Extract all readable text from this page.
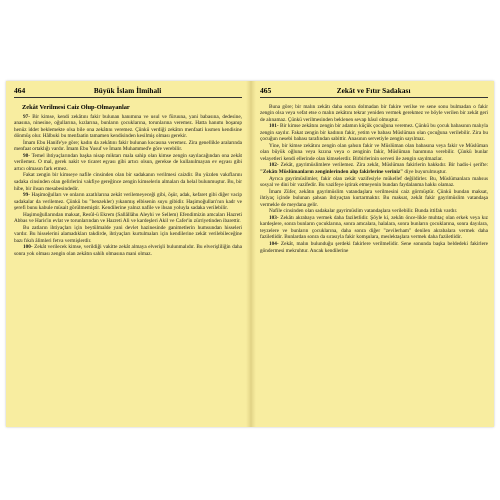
464	Büyük İslam İlmihali
Zekât Verilmesi Caiz Olup-Olmayanlar

97- Bir kimse, kendi zekâtını fakir bulunan hanımına ve usul ve füruuna, yani babasına, dedesine, anasına, ninesine, oğullarına, kızlarına, bunların çocuklarına, torunlarına veremez. Hatta hanımı boşanıp henüz iddet beklemekte olsa bile ona zekâtını veremez. Çünkü verdiği zekâtın menfaati kısmen kendisine dönmüş olur. Hâlbuki bu menfaatin tamamen kendisinden kesilmiş olması gerekir.

İmam Ebu Hanife'ye göre; kadın da zekâtını fakir bulunan kocasına veremez. Zira genellikle aralarında menfaat ortaklığı vardır. İmam Ebu Yusuf ve İmam Muhammed'e göre verebilir.

98- Temel ihtiyaçlarından başka nisap miktarı mala sahip olan kimse zengin sayılacağından ona zekât verilemez. O mal, gerek nakit ve ticaret eşyası gibi artıcı olsun, gerekse de kullanılmayan ev eşyası gibi artıcı olmasın fark etmez.

Fakat zengin bir kimseye nafile cinsinden olan bir sadakanın verilmesi caizdir. Bu yüzden vakıflarını sadaka cinsinden olan gelirlerini vakfiye gereğince zengin kimselerin almaları da helal bulunmuştur. Bu, bir hibe, bir ihsan mesabesindedir.

99- Haşimoğulları ve onların azatlılarına zekât verilemeyeceği gibi, öşür, adak, kefaret gibi diğer vacip sadakalar da verilemez. Çünkü bu "benzekler) yıkanmış elbisenin suyu gibidir. Haşimoğulları'nın kadr ve şerefi bunu kabule müsait görülmemiştir. Kendilerine yalnız nafile ve ihsan yoluyla sadaka verilebilir.

Haşimoğullarından maksat, Resûl-ü Ekrem (Sallâllâhu Aleyhi ve Sellem) Efendimizin amcaları Hazreti Abbas ve Haris'in evlat ve torunlarından ve Hazreti Ali ve kardeşleri Akil ve Cafer'in zürriyetinden ibarettir.

Bu zatların ihtiyaçları için beytülmalde yani devlet hazinesinde ganimetlerin humsundan hisseleri vardır. Bu hisselerini alamadıkları takdirde, ihtiyaçları kurtulmaları için kendilerine zekât verilebileceğine bazı fıkıh âlimleri fetva vermişlerdir.

100- Zekât verilecek kimse, verildiği vakitte zekât almaya elverişli bulunmalıdır. Bu elverişliliğin daha sonra yok olması zengin olan zekâtın sahih olmasına mani olmaz.

465	Zekât ve Fıtır Sadakası

Buna göre; bir malın zekâtı daha sonra dolmadan bir fakire verilse ve sene sonu bulmadan o fakir zengin olsa veya vefat etse o malın zekâtını tekrar yeniden vermek gerekmez ve böyle verilen bir zekât geri de alınamaz. Çünkü verilmesinden beklenen sevap hâsıl olmuştur.

101- Bir kimse zekâtını zengin bir adamın küçük çocuğuna veremez. Çünkü bu çocuk babasının malıyla zengin sayılır. Fakat zengin bir kadının fakir, yetim ve babası Müslüman olan çocuğuna verilebilir. Zira bu çocuğun nesebi babası tarafından sabittir. Anasının servetiyle zengin sayılmaz.

Yine, bir kimse zekâtını zengin olan şahsın fakir ve Müslüman olan babasına veya fakir ve Müslüman olan büyük oğluna veya kızına veya o zenginin fakir, Müslüman hanımına verebilir. Çünkü bunlar velayetleri kendi ellerinde olan kimselerdir. Birbirlerinin serveti ile zengin sayılmazlar.

102- Zekât, gayrimüslimlere verilemez. Zira zekât, Müslüman fakirlerin hakkıdır. Bir hadis-i şerifte: "Zekâtı Müslümanların zenginlerinden alıp fakirlerine veriniz" diye buyurulmuştur.

Ayrıca gayrimüslimler, fakir olan zekât vazifesiyle mükellef değildirler. Bu, Müslümanlara mahsus sosyal ve dini bir vazifedir. Bu vazifeye iştirak etmeyenin bundan faydalanma hakkı olamaz.

İmam Züfer, zekâtın gayrimüslim vatandaşlara verilmesini caiz görmüştür. Çünkü bundan maksat, ihtiyaç içinde bulunan şahsan ihtiyaçtan kurtarmaktır. Bu maksat, zekât fakir gayrimüslim vatandaşa vermekle de meydana gelir.

Nafile cinsinden olan sadakalar gayrimüslim vatandaşlara verilebilir. Bunda ittifak vardır.

103- Zekâtı akrabaya vermek daha faziletlidir. Şöyle ki, zekâtı önce-likle muhtaç olan erkek veya kız kardeşlere, sonra bunların çocuklarına, sonra amcalara, halalara, sonra bunların çocuklarına, sonra dayılara, teyzelere ve bunların çocuklarına, daha sonra diğer "zevilerham" denilen akrabalara vermek daha faziletlidir. Bunlardan sonra da sırasıyla fakir komşulara, meslektaşlara vermek daha faziletlidir.

104- Zekât, malın bulunduğu şerdeki fakirlere verilmelidir. Sene sonunda başka beldedeki fakirlere göndermesi mekruhtur. Ancak kendilerine
